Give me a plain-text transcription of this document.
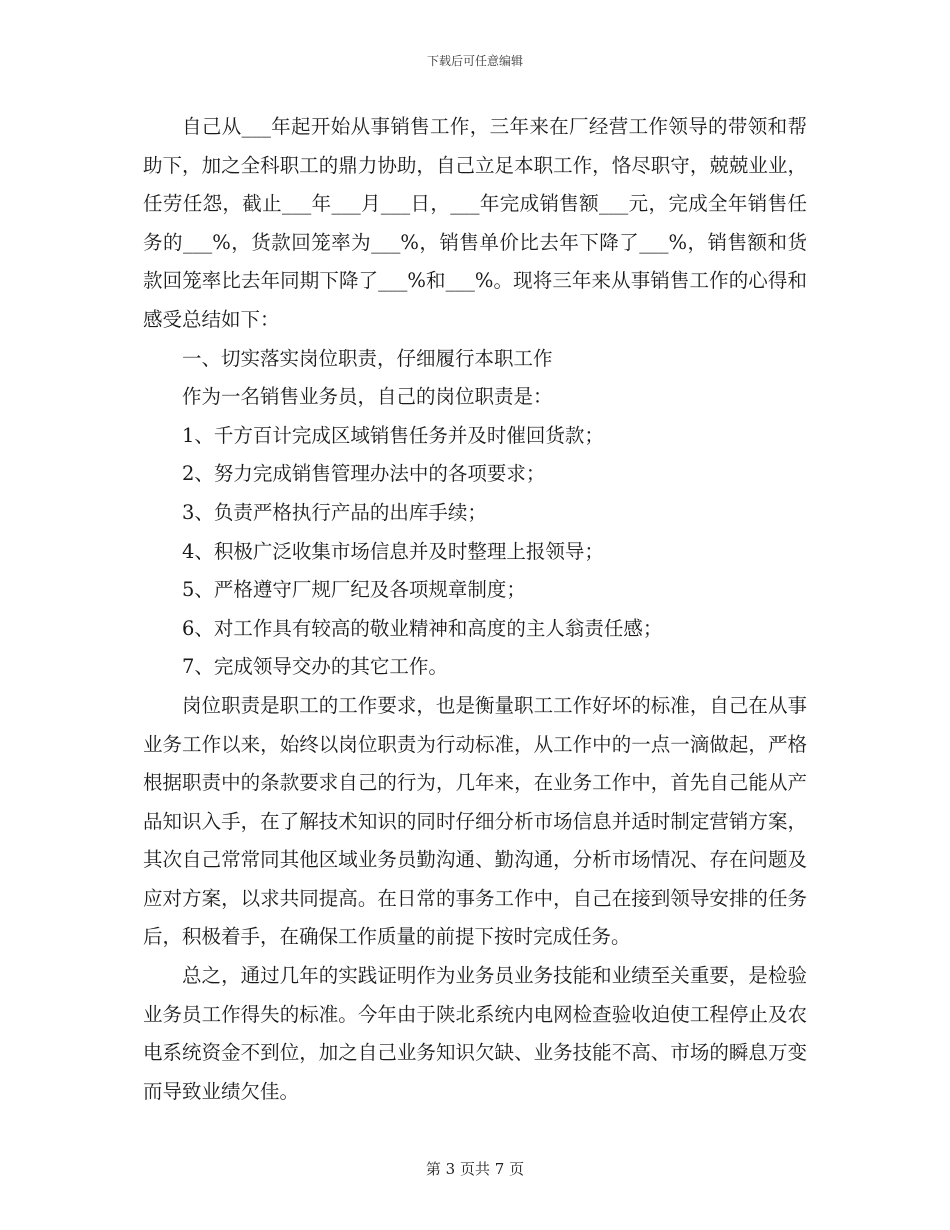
下载后可任意编辑

自己从___年起开始从事销售工作，三年来在厂经营工作领导的带领和帮助下，加之全科职工的鼎力协助，自己立足本职工作，恪尽职守，兢兢业业，任劳任怨，截止___年___月___日，___年完成销售额___元，完成全年销售任务的___%，货款回笼率为___%，销售单价比去年下降了___%，销售额和货款回笼率比去年同期下降了___%和___%。现将三年来从事销售工作的心得和感受总结如下：

一、切实落实岗位职责，仔细履行本职工作

作为一名销售业务员，自己的岗位职责是：

1、千方百计完成区域销售任务并及时催回货款；

2、努力完成销售管理办法中的各项要求；

3、负责严格执行产品的出库手续；

4、积极广泛收集市场信息并及时整理上报领导；

5、严格遵守厂规厂纪及各项规章制度；

6、对工作具有较高的敬业精神和高度的主人翁责任感；

7、完成领导交办的其它工作。

岗位职责是职工的工作要求，也是衡量职工工作好坏的标准，自己在从事业务工作以来，始终以岗位职责为行动标准，从工作中的一点一滴做起，严格根据职责中的条款要求自己的行为，几年来，在业务工作中，首先自己能从产品知识入手，在了解技术知识的同时仔细分析市场信息并适时制定营销方案，其次自己常常同其他区域业务员勤沟通、勤沟通，分析市场情况、存在问题及应对方案，以求共同提高。在日常的事务工作中，自己在接到领导安排的任务后，积极着手，在确保工作质量的前提下按时完成任务。

总之，通过几年的实践证明作为业务员业务技能和业绩至关重要，是检验业务员工作得失的标准。今年由于陕北系统内电网检查验收迫使工程停止及农电系统资金不到位，加之自己业务知识欠缺、业务技能不高、市场的瞬息万变而导致业绩欠佳。

第 3 页共 7 页
